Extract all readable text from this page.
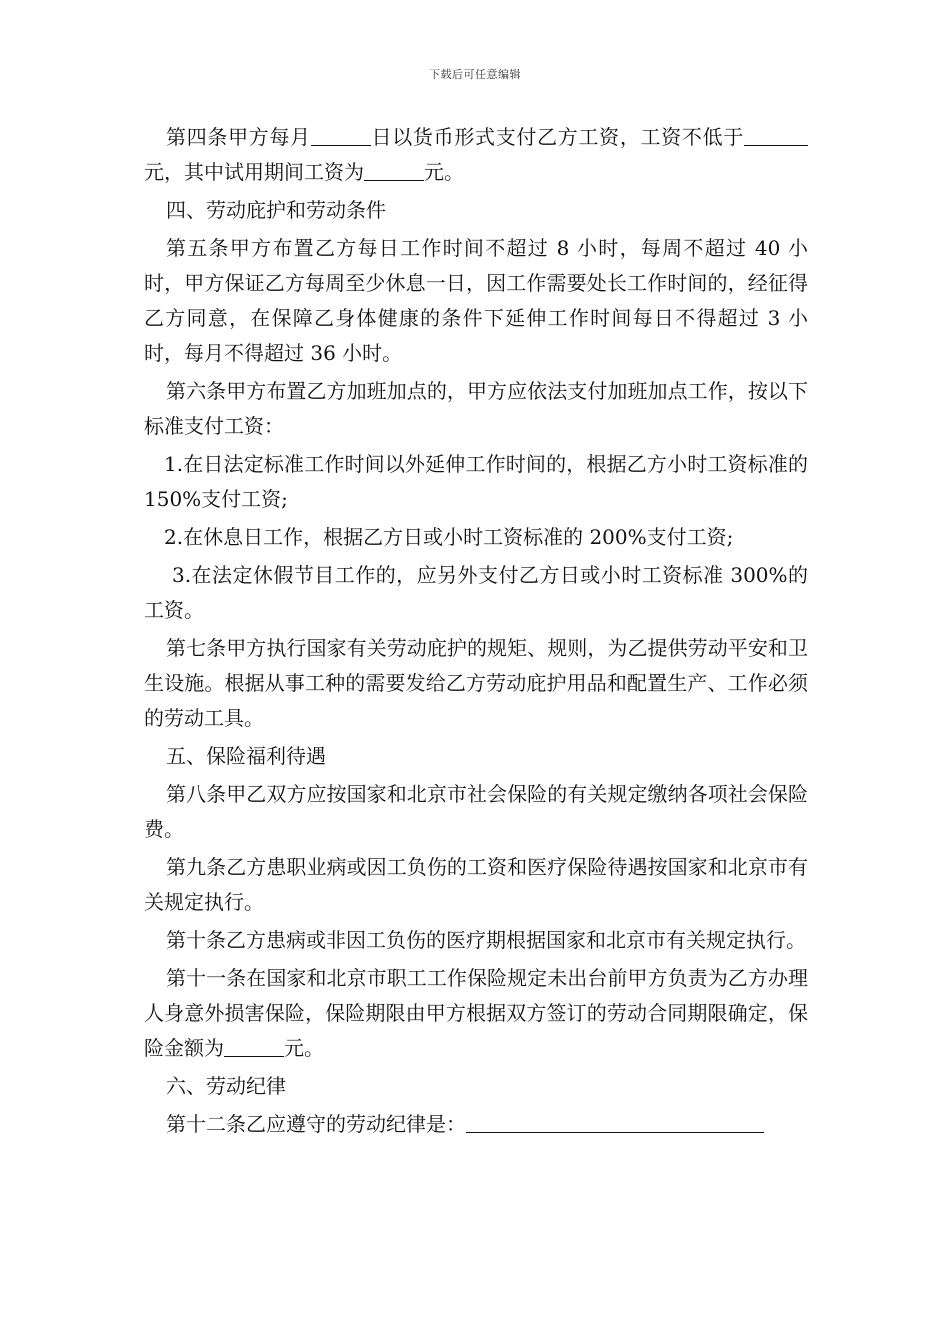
下载后可任意编辑

第四条甲方每月	日以货币形式支付乙方工资，工资不低于元，其中试用期间工资为	元。

四、劳动庇护和劳动条件

第五条甲方布置乙方每日工作时间不超过 8 小时，每周不超过 40 小时，甲方保证乙方每周至少休息一日，因工作需要处长工作时间的，经征得乙方同意，在保障乙身体健康的条件下延伸工作时间每日不得超过 3 小时，每月不得超过 36 小时。

第六条甲方布置乙方加班加点的，甲方应依法支付加班加点工作，按以下标准支付工资：

1.在日法定标准工作时间以外延伸工作时间的，根据乙方小时工资标准的 150%支付工资;

2.在休息日工作，根据乙方日或小时工资标准的 200%支付工资;

3.在法定休假节目工作的，应另外支付乙方日或小时工资标准 300%的工资。

第七条甲方执行国家有关劳动庇护的规矩、规则，为乙提供劳动平安和卫生设施。根据从事工种的需要发给乙方劳动庇护用品和配置生产、工作必须的劳动工具。

五、保险福利待遇

第八条甲乙双方应按国家和北京市社会保险的有关规定缴纳各项社会保险费。

第九条乙方患职业病或因工负伤的工资和医疗保险待遇按国家和北京市有关规定执行。

第十条乙方患病或非因工负伤的医疗期根据国家和北京市有关规定执行。

第十一条在国家和北京市职工工作保险规定未出台前甲方负责为乙方办理人身意外损害保险，保险期限由甲方根据双方签订的劳动合同期限确定，保险金额为	元。

六、劳动纪律

第十二条乙应遵守的劳动纪律是：
